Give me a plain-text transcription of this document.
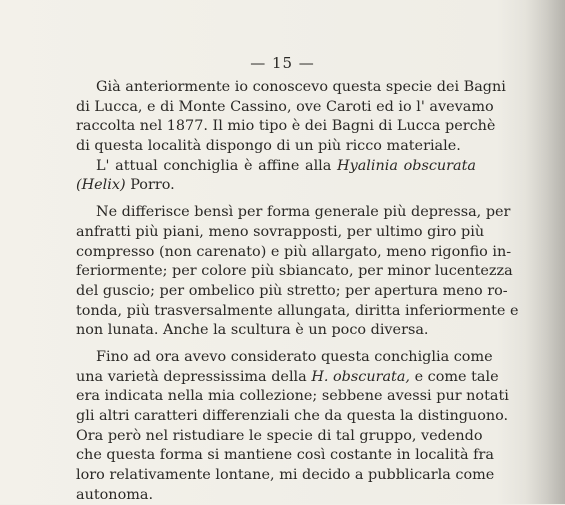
— 15 —
Già anteriormente io conoscevo questa specie dei Bagni
di Lucca, e di Monte Cassino, ove Caroti ed io l' avevamo
raccolta nel 1877. Il mio tipo è dei Bagni di Lucca perchè
di questa località dispongo di un più ricco materiale.
L' attual conchiglia è affine alla Hyalinia obscurata
(Helix) Porro.
Ne differisce bensì per forma generale più depressa, per
anfratti più piani, meno sovrapposti, per ultimo giro più
compresso (non carenato) e più allargato, meno rigonfio in-
feriormente; per colore più sbiancato, per minor lucentezza
del guscio; per ombelico più stretto; per apertura meno ro-
tonda, più trasversalmente allungata, diritta inferiormente e
non lunata. Anche la scultura è un poco diversa.
Fino ad ora avevo considerato questa conchiglia come
una varietà depressissima della H. obscurata, e come tale
era indicata nella mia collezione; sebbene avessi pur notati
gli altri caratteri differenziali che da questa la distinguono.
Ora però nel ristudiare le specie di tal gruppo, vedendo
che questa forma si mantiene così costante in località fra
loro relativamente lontane, mi decido a pubblicarla come
autonoma.
